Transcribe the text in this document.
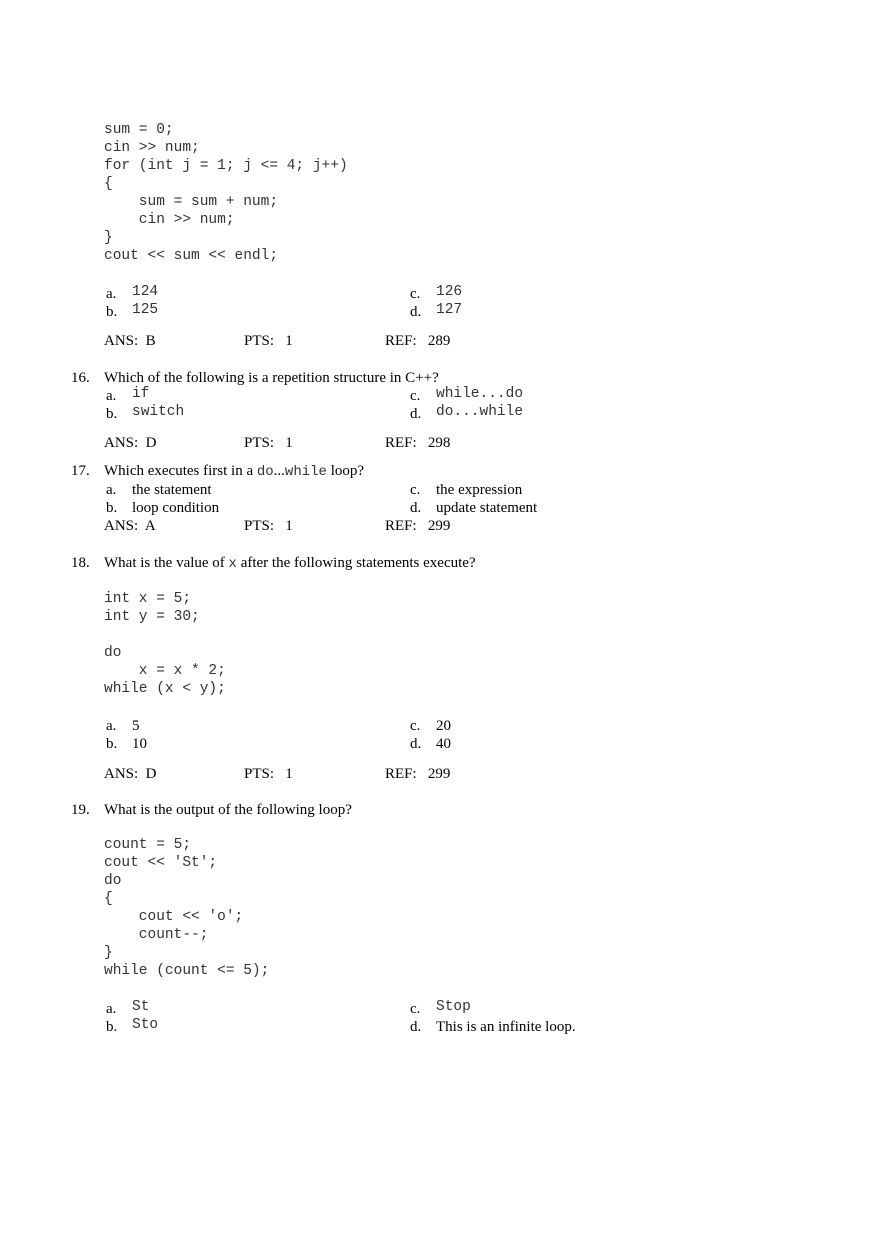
sum = 0;
cin >> num;
for (int j = 1; j <= 4; j++)
{
sum = sum + num;
cin >> num;
}
cout << sum << endl;
a. 124
b. 125
c. 126
d. 127
ANS:  B	PTS:   1	REF:   289
16. Which of the following is a repetition structure in C++?
a. if
b. switch
c. while...do
d. do...while
ANS:  D	PTS:   1	REF:   298
17. Which executes first in a do...while loop?
a. the statement
b. loop condition
c. the expression
d. update statement
ANS:  A	PTS:   1	REF:   299
18. What is the value of x after the following statements execute?
int x = 5;
int y = 30;

do
x = x * 2;
while (x < y);
a. 5
b. 10
c. 20
d. 40
ANS:  D	PTS:   1	REF:   299
19. What is the output of the following loop?
count = 5;
cout << 'St';
do
{
cout << 'o';
count--;
}
while (count <= 5);
a. St
b. Sto
c. Stop
d. This is an infinite loop.
